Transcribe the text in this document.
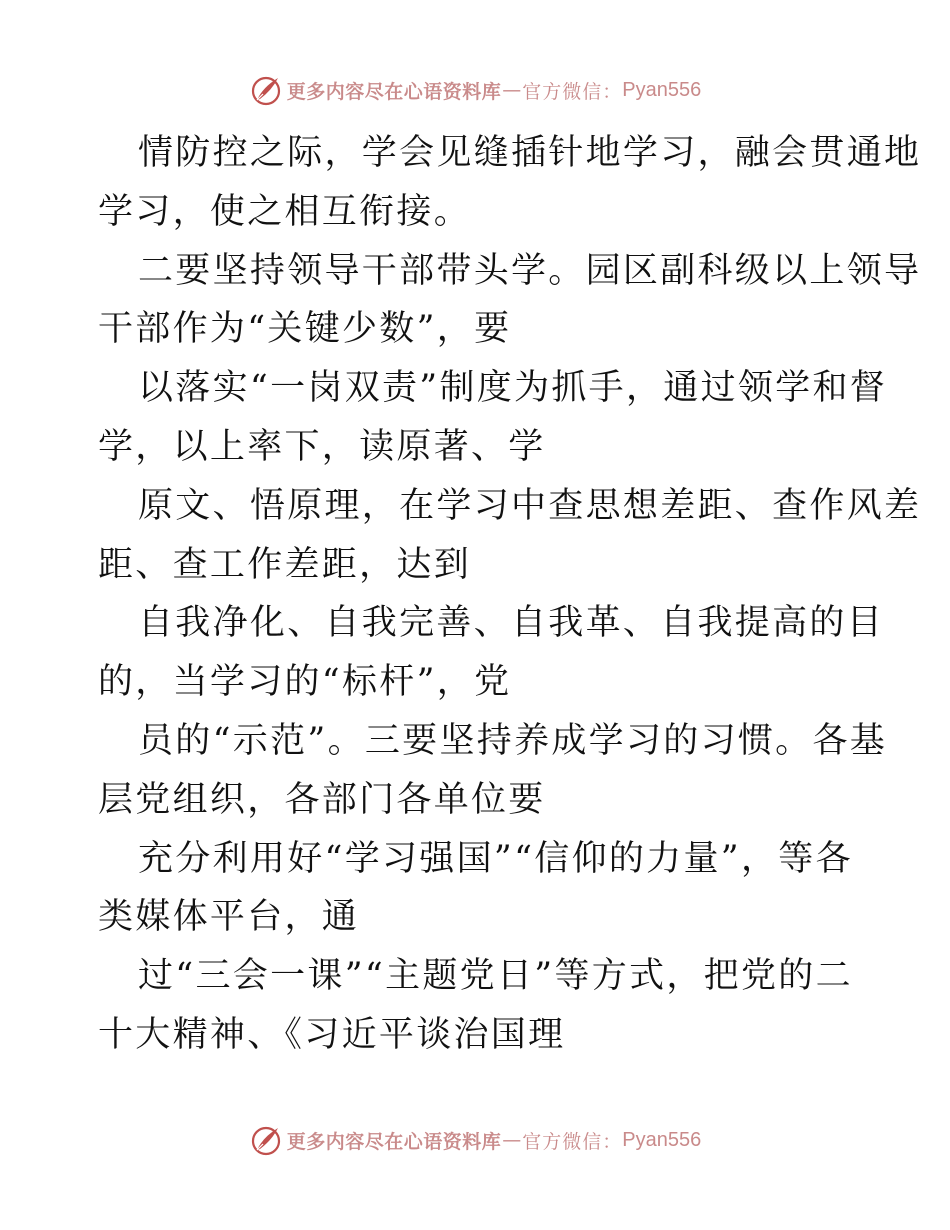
更多内容尽在心语资料库 — 官方微信： Pyan556
情防控之际，学会见缝插针地学习，融会贯通地
学习，使之相互衔接。
二要坚持领导干部带头学。园区副科级以上领导
干部作为“关键少数”，要
以落实“一岗双责”制度为抓手，通过领学和督
学，以上率下，读原著、学
原文、悟原理，在学习中查思想差距、查作风差
距、查工作差距，达到
自我净化、自我完善、自我革、自我提高的目
的，当学习的“标杆”，党
员的“示范”。三要坚持养成学习的习惯。各基
层党组织，各部门各单位要
充分利用好“学习强国”“信仰的力量”，等各
类媒体平台，通
过“三会一课”“主题党日”等方式，把党的二
十大精神、《习近平谈治国理
更多内容尽在心语资料库 — 官方微信： Pyan556
